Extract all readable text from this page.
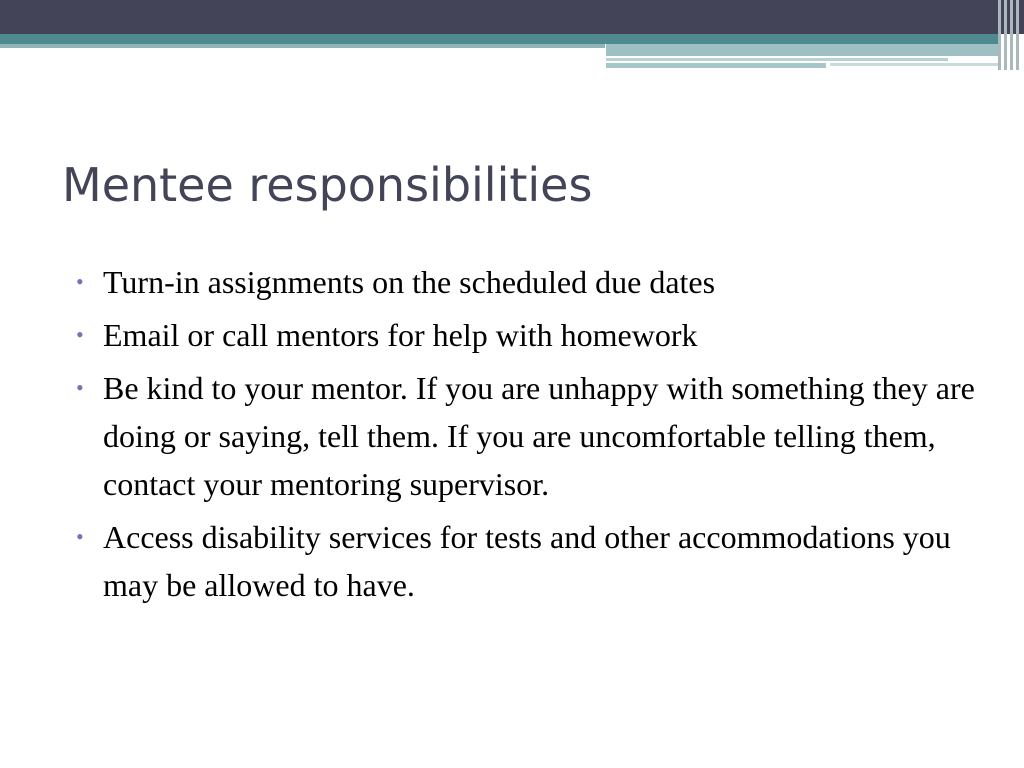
Mentee responsibilities
• Turn-in assignments on the scheduled due dates
• Email or call mentors for help with homework
• Be kind to your mentor. If you are unhappy with something they are doing or saying, tell them. If you are uncomfortable telling them, contact your mentoring supervisor.
• Access disability services for tests and other accommodations you may be allowed to have.
